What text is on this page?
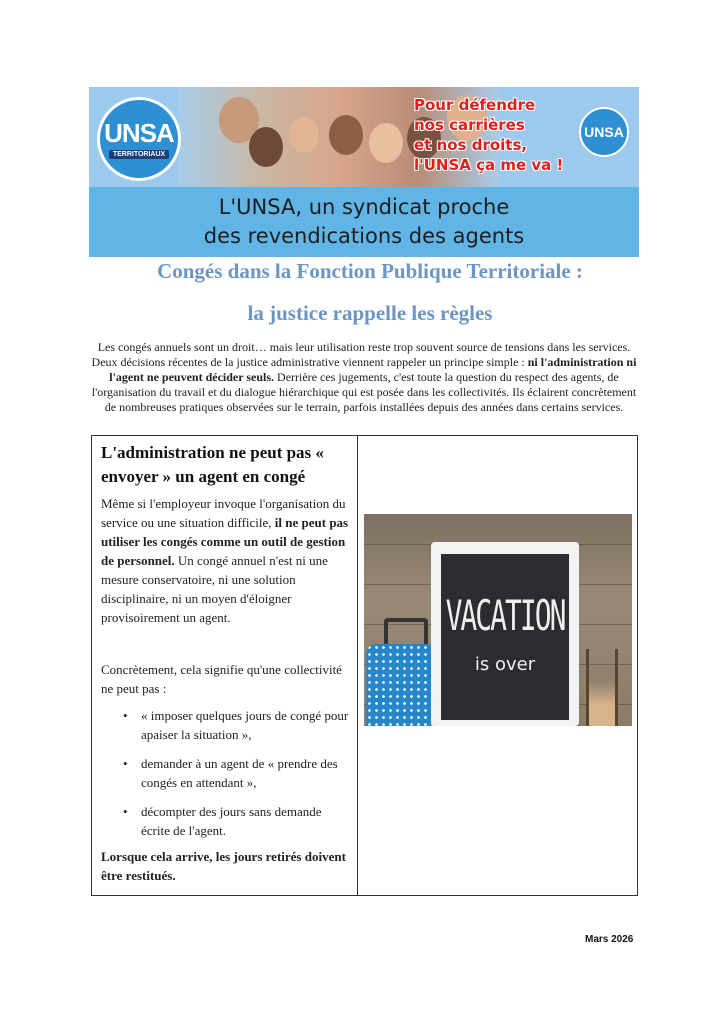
UNSA
TERRITORIAUX
Pour défendre
nos carrières
et nos droits,
l'UNSA ça me va !
UNSA
L'UNSA, un syndicat proche
des revendications des agents
Congés dans la Fonction Publique Territoriale :
la justice rappelle les règles

Les congés annuels sont un droit… mais leur utilisation reste trop souvent source de tensions dans les services. Deux décisions récentes de la justice administrative viennent rappeler un principe simple : ni l'administration ni l'agent ne peuvent décider seuls. Derrière ces jugements, c'est toute la question du respect des agents, de l'organisation du travail et du dialogue hiérarchique qui est posée dans les collectivités. Ils éclairent concrètement de nombreuses pratiques observées sur le terrain, parfois installées depuis des années dans certains services.

L'administration ne peut pas « envoyer » un agent en congé

Même si l'employeur invoque l'organisation du service ou une situation difficile, il ne peut pas utiliser les congés comme un outil de gestion de personnel. Un congé annuel n'est ni une mesure conservatoire, ni une solution disciplinaire, ni un moyen d'éloigner provisoirement un agent.

Concrètement, cela signifie qu'une collectivité ne peut pas :

• « imposer quelques jours de congé pour apaiser la situation »,
• demander à un agent de « prendre des congés en attendant »,
• décompter des jours sans demande écrite de l'agent.

Lorsque cela arrive, les jours retirés doivent être restitués.

VACATION
is over
Mars 2026
